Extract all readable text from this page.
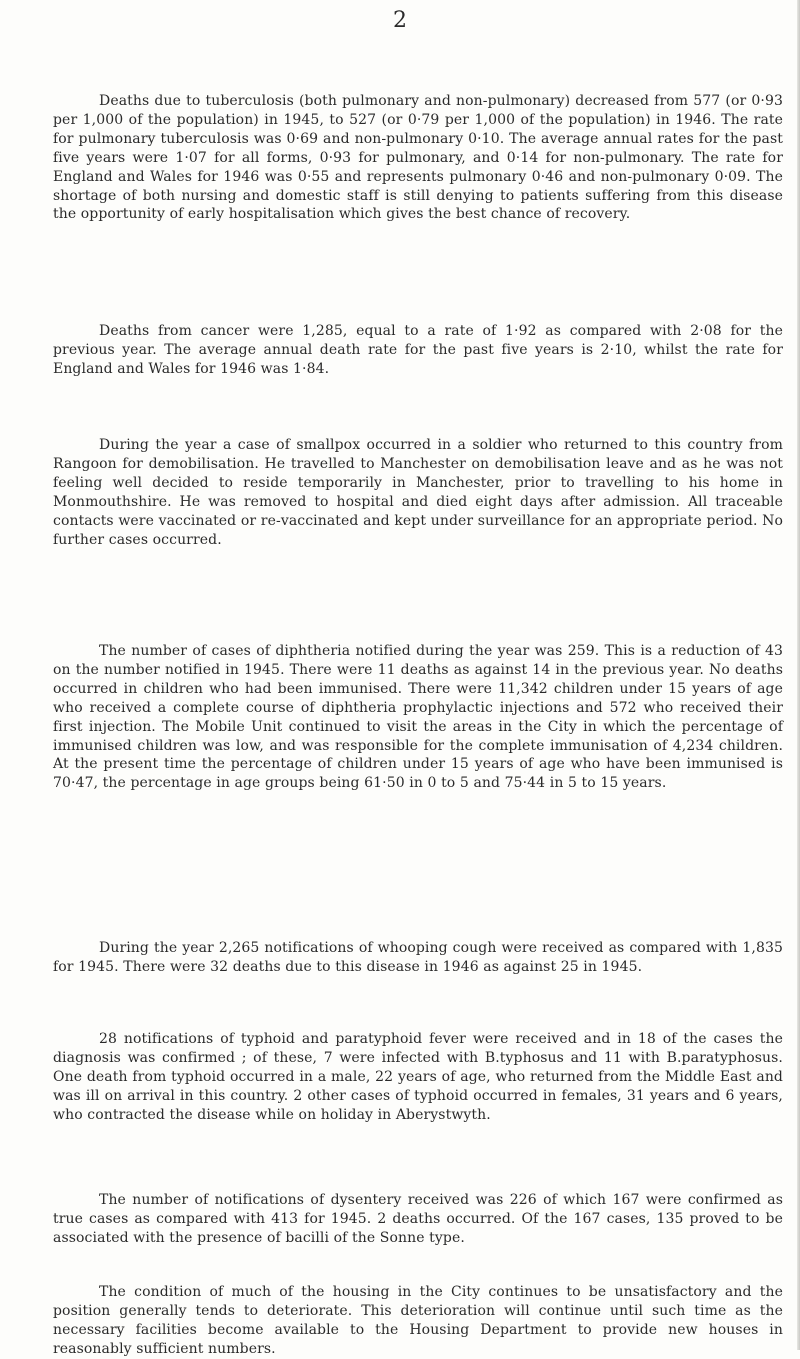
2

Deaths due to tuberculosis (both pulmonary and non-pulmonary) decreased from 577 (or 0·93 per 1,000 of the population) in 1945, to 527 (or 0·79 per 1,000 of the population) in 1946. The rate for pulmonary tuberculosis was 0·69 and non-pulmonary 0·10. The average annual rates for the past five years were 1·07 for all forms, 0·93 for pulmonary, and 0·14 for non-pulmonary. The rate for England and Wales for 1946 was 0·55 and represents pulmonary 0·46 and non-pulmonary 0·09. The shortage of both nursing and domestic staff is still denying to patients suffering from this disease the opportunity of early hospitalisation which gives the best chance of recovery.

Deaths from cancer were 1,285, equal to a rate of 1·92 as compared with 2·08 for the previous year. The average annual death rate for the past five years is 2·10, whilst the rate for England and Wales for 1946 was 1·84.

During the year a case of smallpox occurred in a soldier who returned to this country from Rangoon for demobilisation. He travelled to Manchester on demobilisation leave and as he was not feeling well decided to reside temporarily in Manchester, prior to travelling to his home in Monmouthshire. He was removed to hospital and died eight days after admission. All traceable contacts were vaccinated or re-vaccinated and kept under surveillance for an appropriate period. No further cases occurred.

The number of cases of diphtheria notified during the year was 259. This is a reduction of 43 on the number notified in 1945. There were 11 deaths as against 14 in the previous year. No deaths occurred in children who had been immunised. There were 11,342 children under 15 years of age who received a complete course of diphtheria prophylactic injections and 572 who received their first injection. The Mobile Unit continued to visit the areas in the City in which the percentage of immunised children was low, and was responsible for the complete immunisation of 4,234 children. At the present time the percentage of children under 15 years of age who have been immunised is 70·47, the percentage in age groups being 61·50 in 0 to 5 and 75·44 in 5 to 15 years.

During the year 2,265 notifications of whooping cough were received as compared with 1,835 for 1945. There were 32 deaths due to this disease in 1946 as against 25 in 1945.

28 notifications of typhoid and paratyphoid fever were received and in 18 of the cases the diagnosis was confirmed ; of these, 7 were infected with B.typhosus and 11 with B.paratyphosus. One death from typhoid occurred in a male, 22 years of age, who returned from the Middle East and was ill on arrival in this country. 2 other cases of typhoid occurred in females, 31 years and 6 years, who contracted the disease while on holiday in Aberystwyth.

The number of notifications of dysentery received was 226 of which 167 were confirmed as true cases as compared with 413 for 1945. 2 deaths occurred. Of the 167 cases, 135 proved to be associated with the presence of bacilli of the Sonne type.

The condition of much of the housing in the City continues to be unsatisfactory and the position generally tends to deteriorate. This deterioration will continue until such time as the necessary facilities become available to the Housing Department to provide new houses in reasonably sufficient numbers.
